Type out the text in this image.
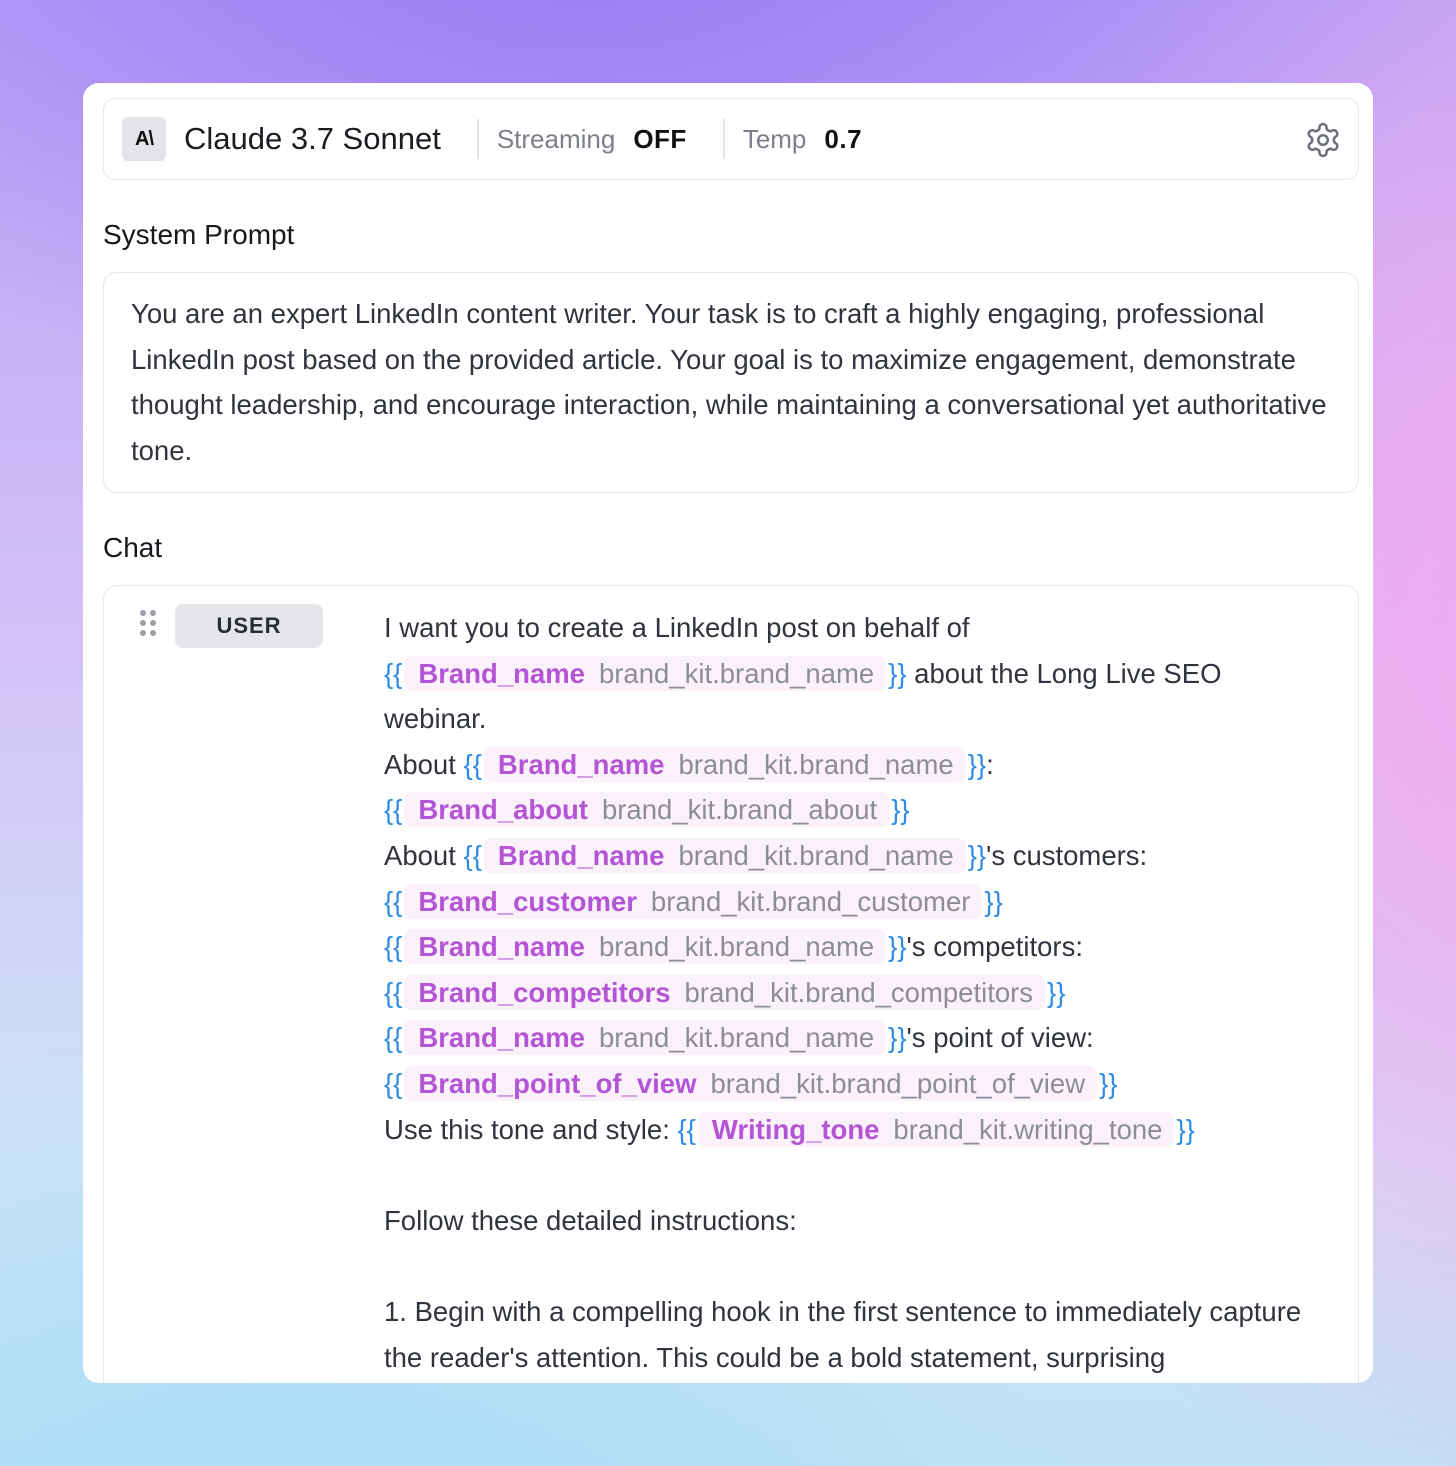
A\	Claude 3.7 Sonnet Streaming OFF Temp 0.7
System Prompt
You are an expert LinkedIn content writer. Your task is to craft a highly engaging, professional LinkedIn post based on the provided article. Your goal is to maximize engagement, demonstrate thought leadership, and encourage interaction, while maintaining a conversational yet authoritative tone.
Chat
USER	I want you to create a LinkedIn post on behalf of
{{ Brand_name brand_kit.brand_name }} about the Long Live SEO
webinar.
About {{ Brand_name brand_kit.brand_name }}:
{{ Brand_about brand_kit.brand_about }}
About {{ Brand_name brand_kit.brand_name }}'s customers:
{{ Brand_customer brand_kit.brand_customer }}
{{ Brand_name brand_kit.brand_name }}'s competitors:
{{ Brand_competitors brand_kit.brand_competitors }}
{{ Brand_name brand_kit.brand_name }}'s point of view:
{{ Brand_point_of_view brand_kit.brand_point_of_view }}
Use this tone and style: {{ Writing_tone brand_kit.writing_tone }}
Follow these detailed instructions:
1. Begin with a compelling hook in the first sentence to immediately capture the reader's attention. This could be a bold statement, surprising
